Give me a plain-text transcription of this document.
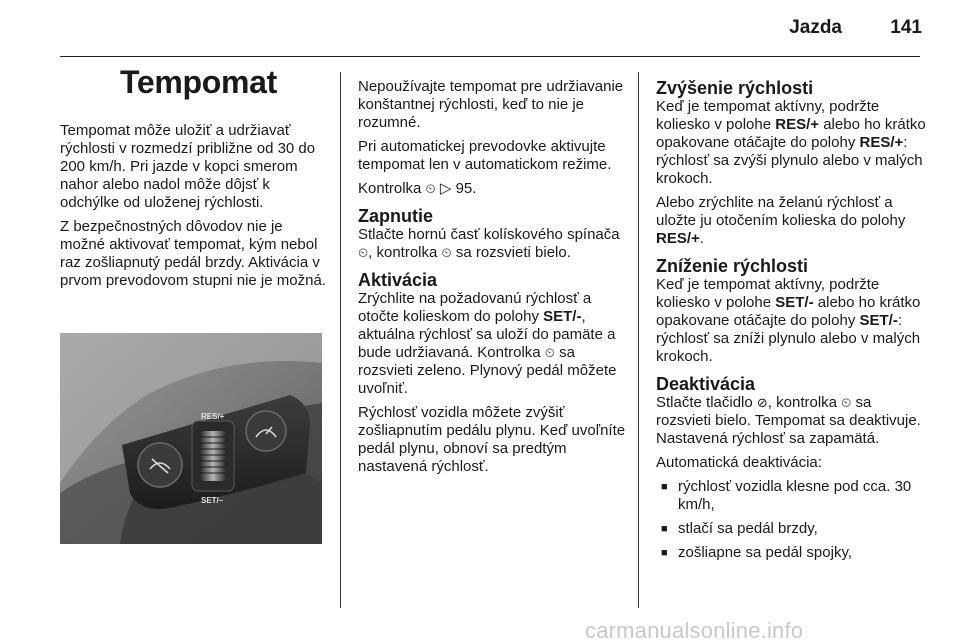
Jazda	141
Tempomat

Tempomat môže uložiť a udržiavať rýchlosti v rozmedzí približne od 30 do 200 km/h. Pri jazde v kopci smerom nahor alebo nadol môže dôjsť k odchýlke od uloženej rýchlosti.

Z bezpečnostných dôvodov nie je možné aktivovať tempomat, kým nebol raz zošliapnutý pedál brzdy. Aktivácia v prvom prevodovom stupni nie je možná.

RES/+
SET/–

Nepoužívajte tempomat pre udržiavanie konštantnej rýchlosti, keď to nie je rozumné.

Pri automatickej prevodovke aktivujte tempomat len v automatickom režime.

Kontrolka ⏲ ▷ 95.

Zapnutie

Stlačte hornú časť kolískového spínača ⏲, kontrolka ⏲ sa rozsvieti bielo.

Aktivácia

Zrýchlite na požadovanú rýchlosť a otočte kolieskom do polohy SET/-, aktuálna rýchlosť sa uloží do pamäte a bude udržiavaná. Kontrolka ⏲ sa rozsvieti zeleno. Plynový pedál môžete uvoľniť.

Rýchlosť vozidla môžete zvýšiť zošliapnutím pedálu plynu. Keď uvoľníte pedál plynu, obnoví sa predtým nastavená rýchlosť.

Zvýšenie rýchlosti

Keď je tempomat aktívny, podržte koliesko v polohe RES/+ alebo ho krátko opakovane otáčajte do polohy RES/+: rýchlosť sa zvýši plynulo alebo v malých krokoch.

Alebo zrýchlite na želanú rýchlosť a uložte ju otočením kolieska do polohy RES/+.

Zníženie rýchlosti

Keď je tempomat aktívny, podržte koliesko v polohe SET/- alebo ho krátko opakovane otáčajte do polohy SET/-: rýchlosť sa zníži plynulo alebo v malých krokoch.

Deaktivácia

Stlačte tlačidlo ⊘, kontrolka ⏲ sa rozsvieti bielo. Tempomat sa deaktivuje. Nastavená rýchlosť sa zapamätá.

Automatická deaktivácia:

■ rýchlosť vozidla klesne pod cca. 30 km/h,
■ stlačí sa pedál brzdy,
■ zošliapne sa pedál spojky,
carmanualsonline.info
